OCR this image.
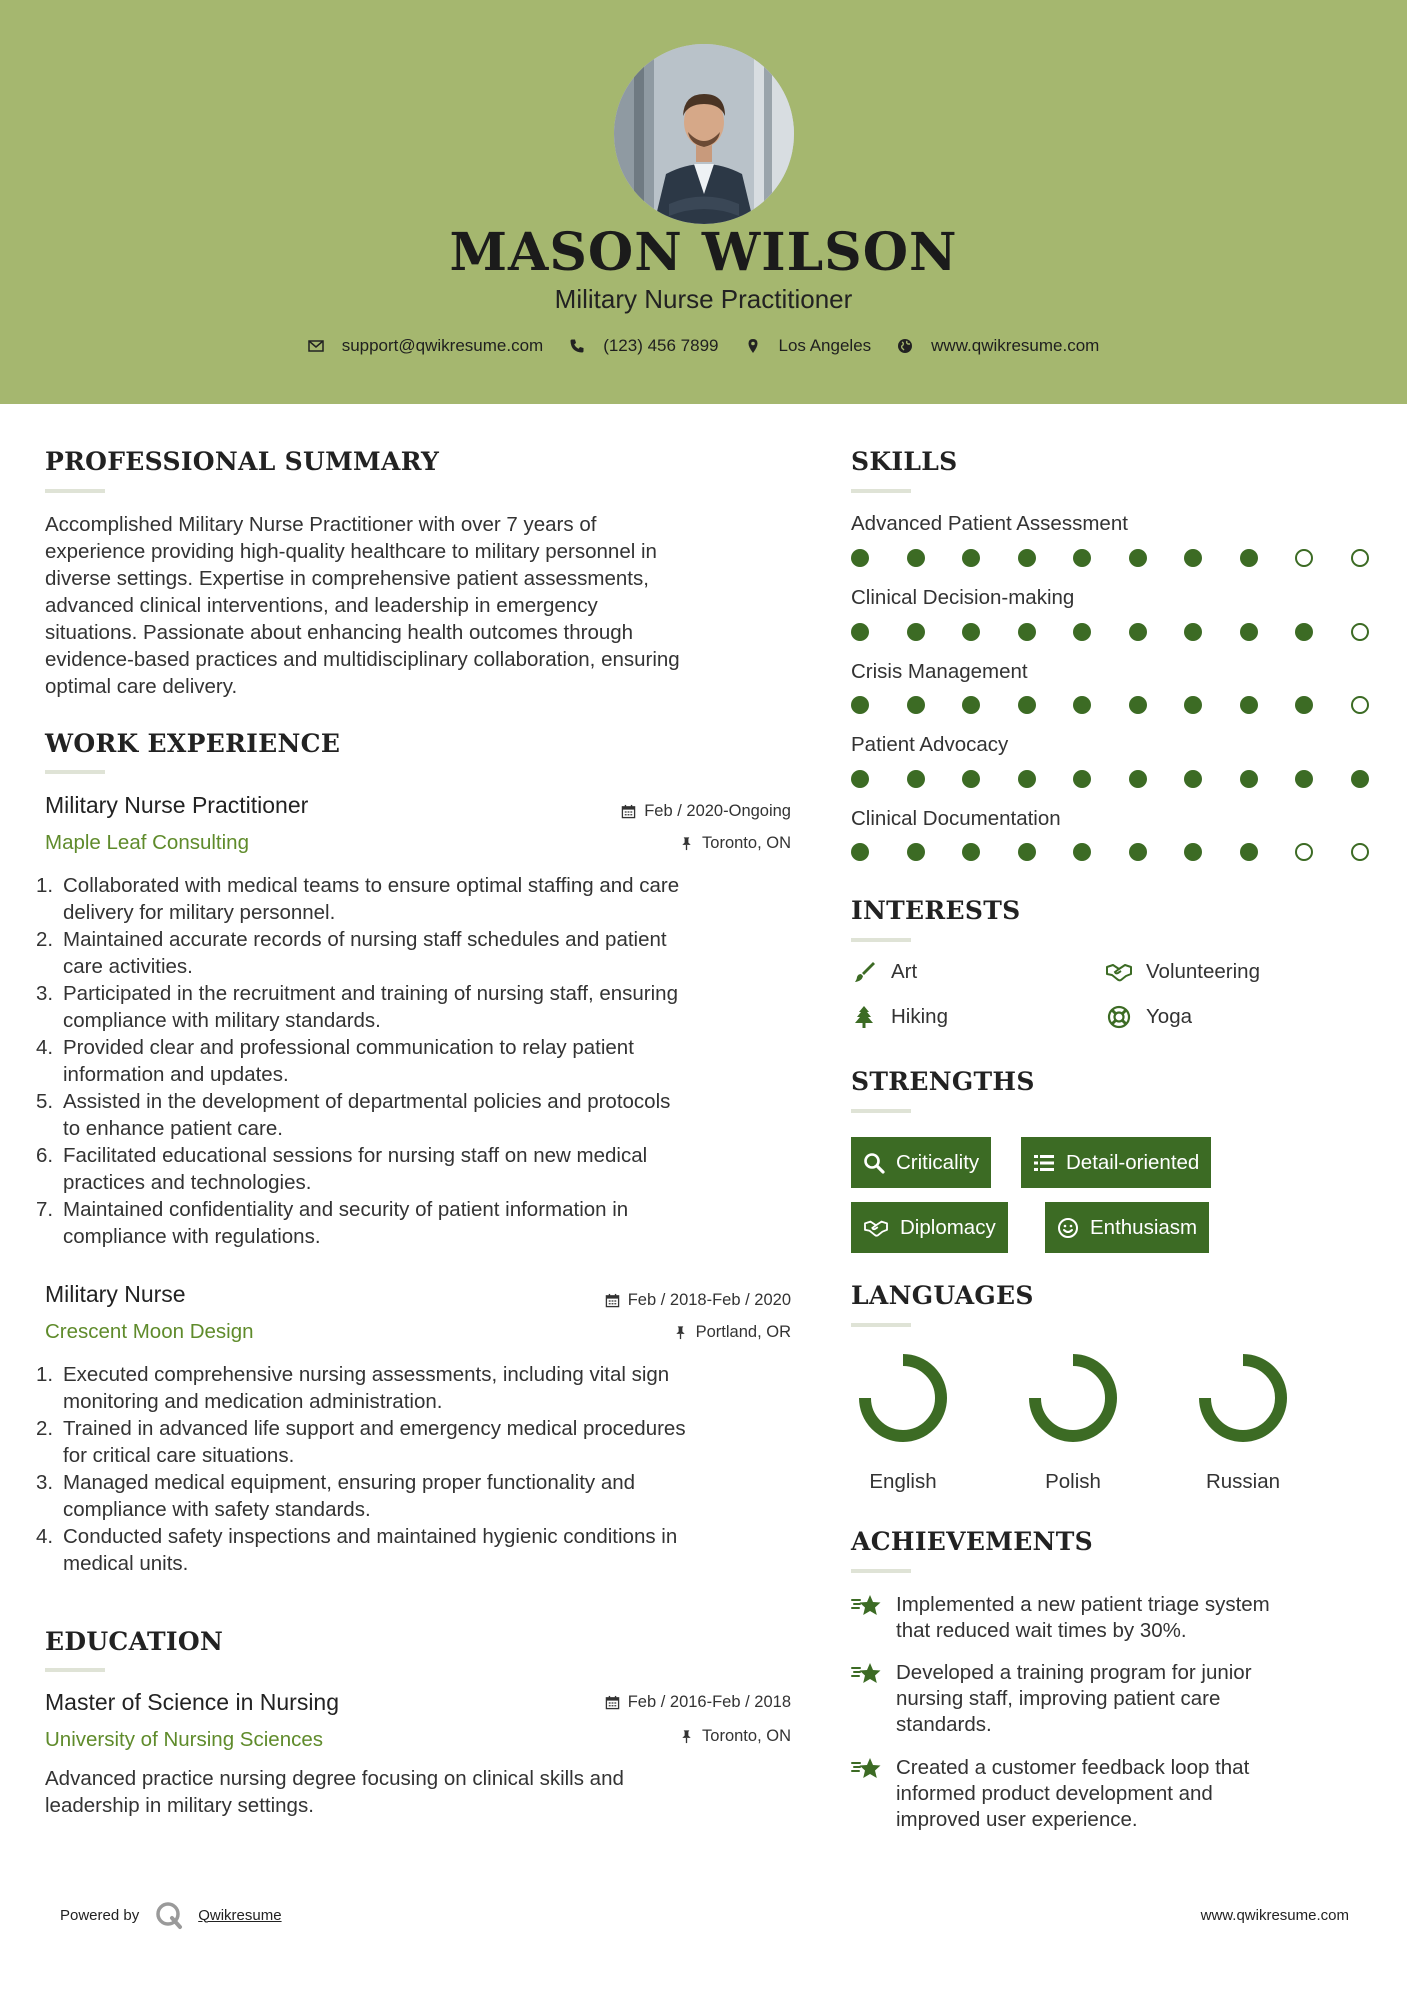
MASON WILSON
Military Nurse Practitioner
support@qwikresume.com	(123) 456 7899	Los Angeles	www.qwikresume.com
PROFESSIONAL SUMMARY
Accomplished Military Nurse Practitioner with over 7 years of
experience providing high-quality healthcare to military personnel in
diverse settings. Expertise in comprehensive patient assessments,
advanced clinical interventions, and leadership in emergency
situations. Passionate about enhancing health outcomes through
evidence-based practices and multidisciplinary collaboration, ensuring
optimal care delivery.
WORK EXPERIENCE
Military Nurse Practitioner
Maple Leaf Consulting
Feb / 2020-Ongoing
Toronto, ON
1. Collaborated with medical teams to ensure optimal staffing and care
delivery for military personnel.
2. Maintained accurate records of nursing staff schedules and patient
care activities.
3. Participated in the recruitment and training of nursing staff, ensuring
compliance with military standards.
4. Provided clear and professional communication to relay patient
information and updates.
5. Assisted in the development of departmental policies and protocols
to enhance patient care.
6. Facilitated educational sessions for nursing staff on new medical
practices and technologies.
7. Maintained confidentiality and security of patient information in
compliance with regulations.
Military Nurse
Crescent Moon Design
Feb / 2018-Feb / 2020
Portland, OR
1. Executed comprehensive nursing assessments, including vital sign
monitoring and medication administration.
2. Trained in advanced life support and emergency medical procedures
for critical care situations.
3. Managed medical equipment, ensuring proper functionality and
compliance with safety standards.
4. Conducted safety inspections and maintained hygienic conditions in
medical units.
EDUCATION
Master of Science in Nursing
University of Nursing Sciences
Feb / 2016-Feb / 2018
Toronto, ON
Advanced practice nursing degree focusing on clinical skills and
leadership in military settings.
SKILLS
Advanced Patient Assessment
Clinical Decision-making
Crisis Management
Patient Advocacy
Clinical Documentation
INTERESTS
Art	Volunteering
Hiking	Yoga
STRENGTHS
Criticality	Detail-oriented
Diplomacy	Enthusiasm
LANGUAGES
English	Polish	Russian
ACHIEVEMENTS
Implemented a new patient triage system
that reduced wait times by 30%.
Developed a training program for junior
nursing staff, improving patient care
standards.
Created a customer feedback loop that
informed product development and
improved user experience.
Powered by	Qwikresume	www.qwikresume.com
